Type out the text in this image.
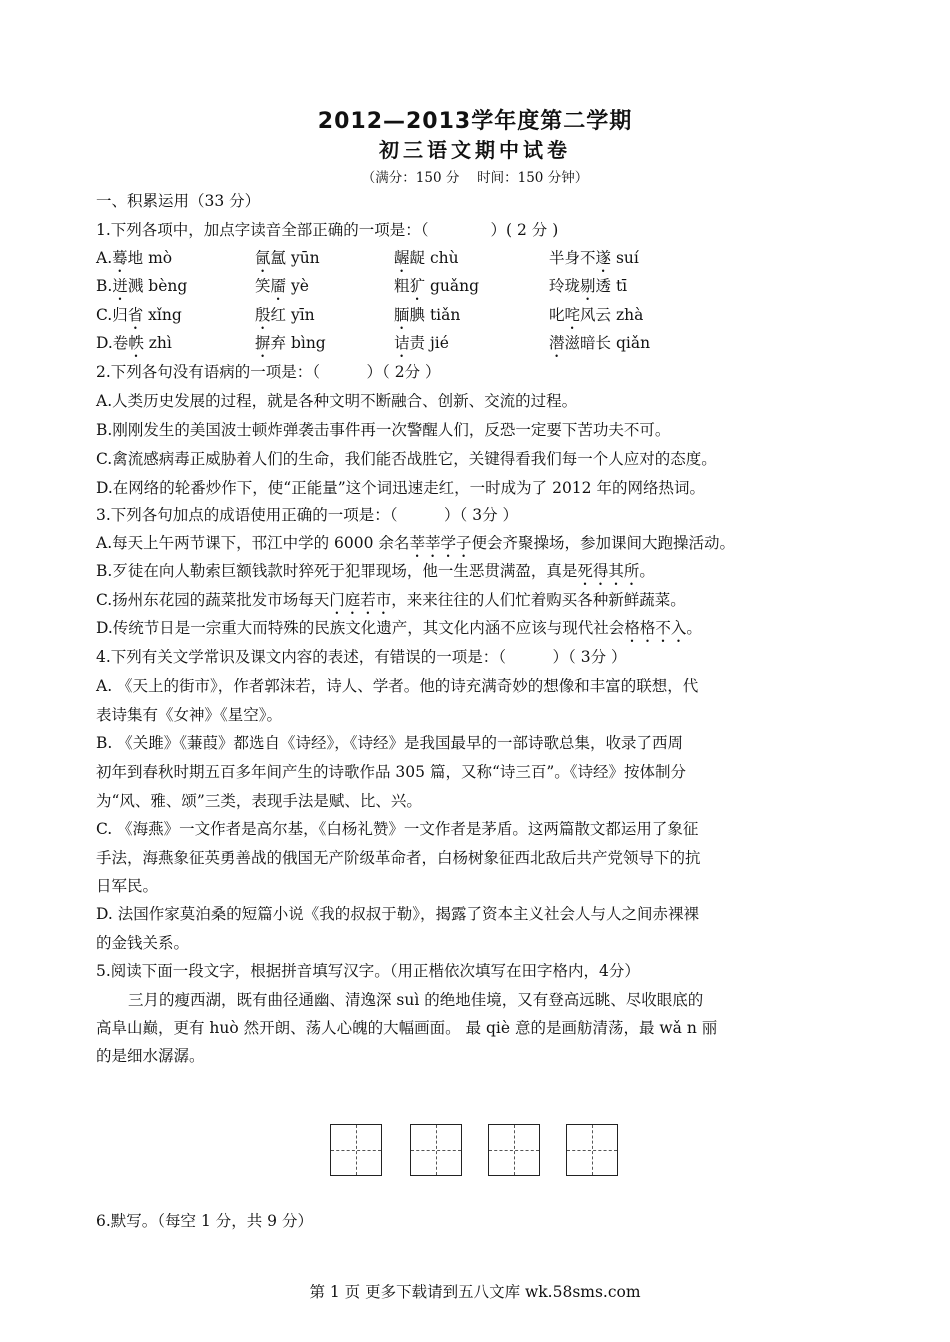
2012—2013学年度第二学期
初三语文期中试卷
（满分：150 分　 时间：150 分钟）
一、积累运用（33 分）
1.下列各项中，加点字读音全部正确的一项是：（　　　　）( 2 分 )
A.蓦地 mò	氤氲 yūn	龌龊 chù	半身不遂 suí
B.迸溅 bèng	笑靥 yè	粗犷 guǎng	玲珑剔透 tī
C.归省 xǐng	殷红 yīn	腼腆 tiǎn	叱咤风云 zhà
D.卷帙 zhì	摒弃 bìng	诘责 jié	潜滋暗长 qiǎn
2.下列各句没有语病的一项是：（　　　）（ 2分 ）
A.人类历史发展的过程，就是各种文明不断融合、创新、交流的过程。
B.刚刚发生的美国波士顿炸弹袭击事件再一次警醒人们，反恐一定要下苦功夫不可。
C.禽流感病毒正威胁着人们的生命，我们能否战胜它，关键得看我们每一个人应对的态度。
D.在网络的轮番炒作下，使“正能量”这个词迅速走红，一时成为了 2012 年的网络热词。
3.下列各句加点的成语使用正确的一项是：（　　　）（ 3分 ）
A.每天上午两节课下，邗江中学的 6000 余名莘莘学子便会齐聚操场，参加课间大跑操活动。
B.歹徒在向人勒索巨额钱款时猝死于犯罪现场，他一生恶贯满盈，真是死得其所。
C.扬州东花园的蔬菜批发市场每天门庭若市，来来往往的人们忙着购买各种新鲜蔬菜。
D.传统节日是一宗重大而特殊的民族文化遗产，其文化内涵不应该与现代社会格格不入。
4.下列有关文学常识及课文内容的表述，有错误的一项是：（　　　）（ 3分 ）
A. 《天上的街市》，作者郭沫若，诗人、学者。他的诗充满奇妙的想像和丰富的联想，代
表诗集有《女神》《星空》。
B. 《关雎》《蒹葭》都选自《诗经》，《诗经》是我国最早的一部诗歌总集，收录了西周
初年到春秋时期五百多年间产生的诗歌作品 305 篇，又称“诗三百”。《诗经》按体制分
为“风、雅、颂”三类，表现手法是赋、比、兴。
C. 《海燕》一文作者是高尔基，《白杨礼赞》一文作者是茅盾。这两篇散文都运用了象征
手法，海燕象征英勇善战的俄国无产阶级革命者，白杨树象征西北敌后共产党领导下的抗
日军民。
D. 法国作家莫泊桑的短篇小说《我的叔叔于勒》，揭露了资本主义社会人与人之间赤裸裸
的金钱关系。
5.阅读下面一段文字，根据拼音填写汉字。（用正楷依次填写在田字格内，4分）
三月的瘦西湖，既有曲径通幽、清逸深 suì 的绝地佳境，又有登高远眺、尽收眼底的
高阜山巅，更有 huò 然开朗、荡人心魄的大幅画面。 最 qiè 意的是画舫清荡，最 wǎ n 丽
的是细水潺潺。
6.默写。（每空 1 分，共 9 分）
第 1 页 更多下载请到五八文库 wk.58sms.com
